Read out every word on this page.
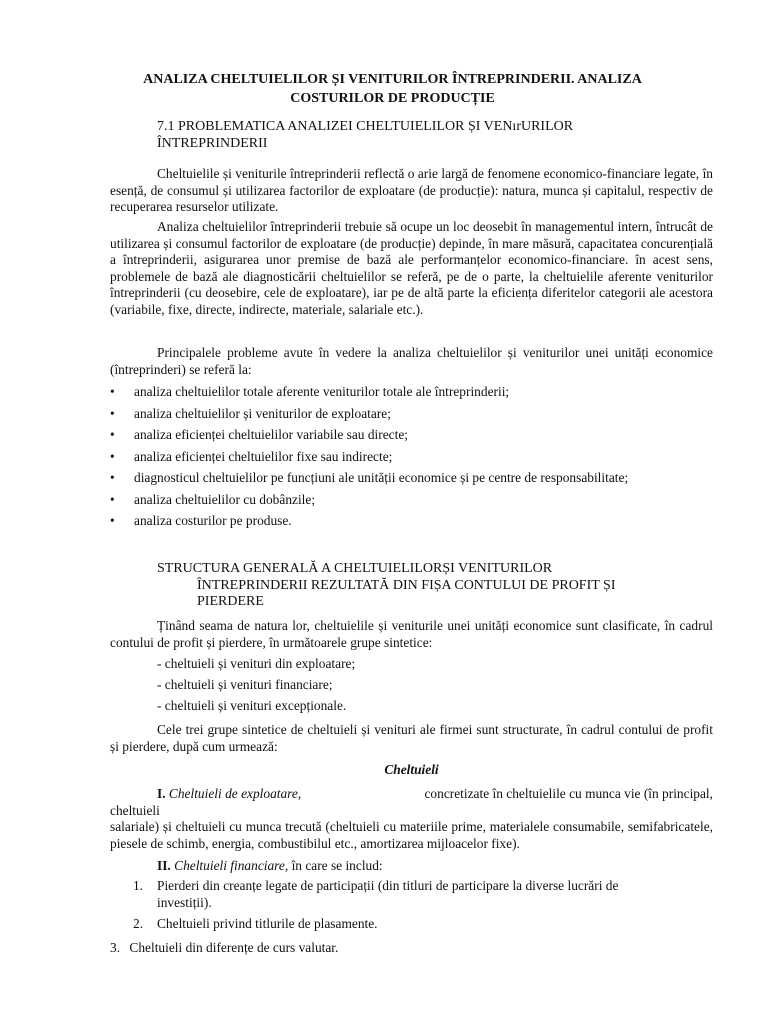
ANALIZA CHELTUIELILOR ȘI VENITURILOR ÎNTREPRINDERII. ANALIZA
COSTURILOR DE PRODUCȚIE
7.1 PROBLEMATICA ANALIZEI CHELTUIELILOR ȘI VENırURILOR
ÎNTREPRINDERII
Cheltuielile și veniturile întreprinderii reflectă o arie largă de fenomene economico-financiare legate, în esență, de consumul și utilizarea factorilor de exploatare (de producție): natura, munca și capitalul, respectiv de recuperarea resurselor utilizate.
Analiza cheltuielilor întreprinderii trebuie să ocupe un loc deosebit în managementul intern, întrucât de utilizarea și consumul factorilor de exploatare (de producție) depinde, în mare măsură, capacitatea concurențială a întreprinderii, asigurarea unor premise de bază ale performanțelor economico-financiare. în acest sens, problemele de bază ale diagnosticării cheltuielilor se referă, pe de o parte, la cheltuielile aferente veniturilor întreprinderii (cu deosebire, cele de exploatare), iar pe de altă parte la eficiența diferitelor categorii ale acestora (variabile, fixe, directe, indirecte, materiale, salariale etc.).
Principalele probleme avute în vedere la analiza cheltuielilor și veniturilor unei unități economice (întreprinderi) se referă la:
• analiza cheltuielilor totale aferente veniturilor totale ale întreprinderii;
• analiza cheltuielilor și veniturilor de exploatare;
• analiza eficienței cheltuielilor variabile sau directe;
• analiza eficienței cheltuielilor fixe sau indirecte;
• diagnosticul cheltuielilor pe funcțiuni ale unității economice și pe centre de responsabilitate;
• analiza cheltuielilor cu dobânzile;
• analiza costurilor pe produse.
STRUCTURA GENERALĂ A CHELTUIELILORȘI VENITURILOR
ÎNTREPRINDERII REZULTATĂ DIN FIȘA CONTULUI DE PROFIT ȘI
PIERDERE
Ținând seama de natura lor, cheltuielile și veniturile unei unități economice sunt clasificate, în cadrul contului de profit și pierdere, în următoarele grupe sintetice:
- cheltuieli și venituri din exploatare;
- cheltuieli și venituri financiare;
- cheltuieli și venituri excepționale.
Cele trei grupe sintetice de cheltuieli și venituri ale firmei sunt structurate, în cadrul contului de profit și pierdere, după cum urmează:
Cheltuieli
I. Cheltuieli de exploatare,	concretizate în cheltuielile cu munca vie (în principal,
cheltuieli
salariale) și cheltuieli cu munca trecută (cheltuieli cu materiile prime, materialele consumabile, semifabricatele, piesele de schimb, energia, combustibilul etc., amortizarea mijloacelor fixe).
II. Cheltuieli financiare, în care se includ:
1. Pierderi din creanțe legate de participații (din titluri de participare la diverse lucrări de
investiții).
2. Cheltuieli privind titlurile de plasamente.
3. Cheltuieli din diferențe de curs valutar.
